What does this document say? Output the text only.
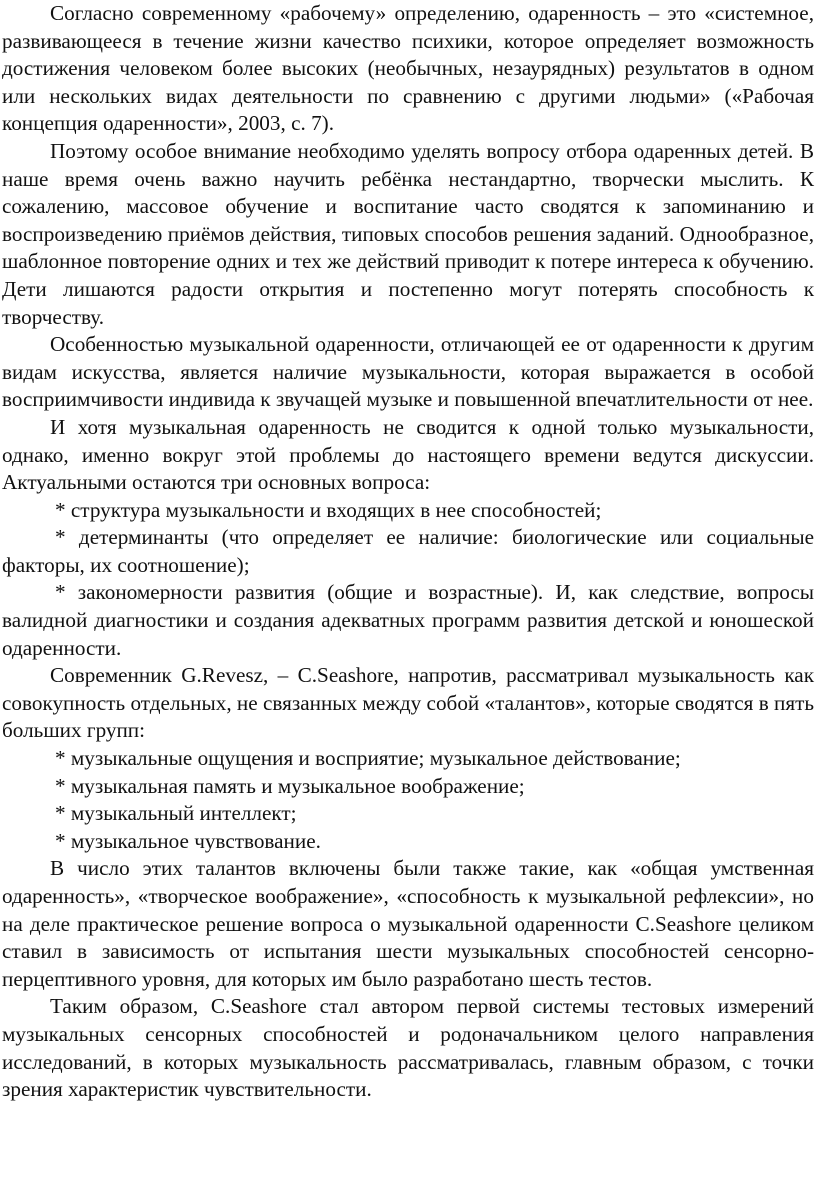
Согласно современному «рабочему» определению, одаренность – это «системное, развивающееся в течение жизни качество психики, которое определяет возможность достижения человеком более высоких (необычных, незаурядных) результатов в одном или нескольких видах деятельности по сравнению с другими людьми» («Рабочая концепция одаренности», 2003, с. 7).

Поэтому особое внимание необходимо уделять вопросу отбора одаренных детей. В наше время очень важно научить ребёнка нестандартно, творчески мыслить. К сожалению, массовое обучение и воспитание часто сводятся к запоминанию и воспроизведению приёмов действия, типовых способов решения заданий. Однообразное, шаблонное повторение одних и тех же действий приводит к потере интереса к обучению. Дети лишаются радости открытия и постепенно могут потерять способность к творчеству.

Особенностью музыкальной одаренности, отличающей ее от одаренности к другим видам искусства, является наличие музыкальности, которая выражается в особой восприимчивости индивида к звучащей музыке и повышенной впечатлительности от нее.

И хотя музыкальная одаренность не сводится к одной только музыкальности, однако, именно вокруг этой проблемы до настоящего времени ведутся дискуссии. Актуальными остаются три основных вопроса:

* структура музыкальности и входящих в нее способностей;

* детерминанты (что определяет ее наличие: биологические или социальные факторы, их соотношение);

* закономерности развития (общие и возрастные). И, как следствие, вопросы валидной диагностики и создания адекватных программ развития детской и юношеской одаренности.

Современник G.Revesz, – C.Seashore, напротив, рассматривал музыкальность как совокупность отдельных, не связанных между собой «талантов», которые сводятся в пять больших групп:

* музыкальные ощущения и восприятие; музыкальное действование;

* музыкальная память и музыкальное воображение;

* музыкальный интеллект;

* музыкальное чувствование.

В число этих талантов включены были также такие, как «общая умственная одаренность», «творческое воображение», «способность к музыкальной рефлексии», но на деле практическое решение вопроса о музыкальной одаренности C.Seashore целиком ставил в зависимость от испытания шести музыкальных способностей сенсорно-перцептивного уровня, для которых им было разработано шесть тестов.

Таким образом, C.Seashore стал автором первой системы тестовых измерений музыкальных сенсорных способностей и родоначальником целого направления исследований, в которых музыкальность рассматривалась, главным образом, с точки зрения характеристик чувствительности.
